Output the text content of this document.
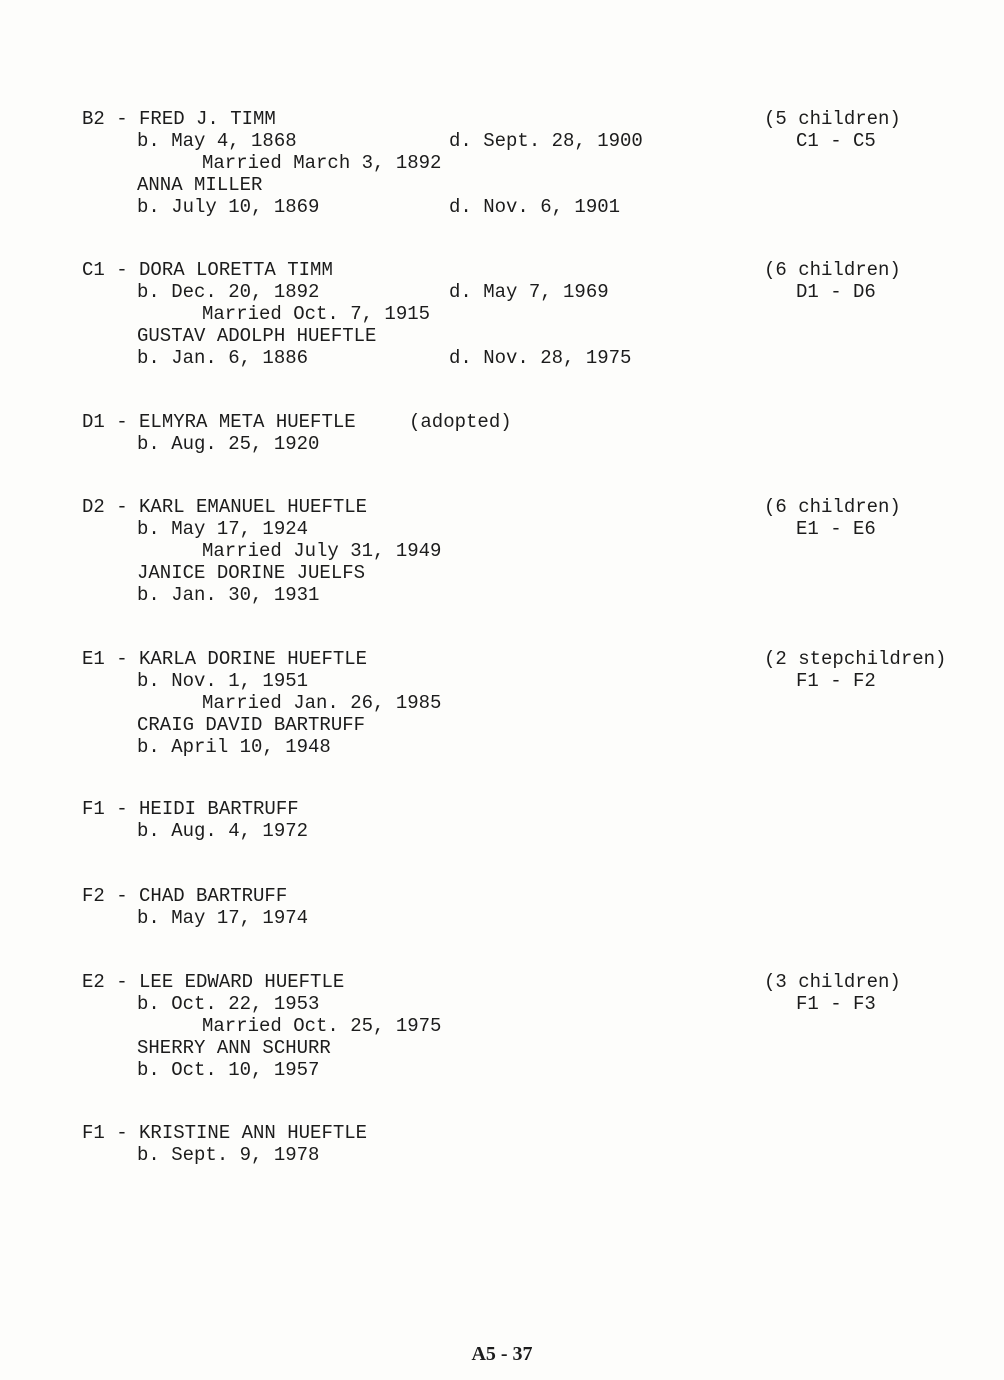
B2 - FRED J. TIMM
b. May 4, 1868	d. Sept. 28, 1900
Married March 3, 1892
ANNA MILLER
b. July 10, 1869	d. Nov. 6, 1901
(5 children)
C1 - C5
C1 - DORA LORETTA TIMM
b. Dec. 20, 1892	d. May 7, 1969
Married Oct. 7, 1915
GUSTAV ADOLPH HUEFTLE
b. Jan. 6, 1886	d. Nov. 28, 1975
(6 children)
D1 - D6
D1 - ELMYRA META HUEFTLE	(adopted)
b. Aug. 25, 1920
D2 - KARL EMANUEL HUEFTLE
b. May 17, 1924
Married July 31, 1949
JANICE DORINE JUELFS
b. Jan. 30, 1931
(6 children)
E1 - E6
E1 - KARLA DORINE HUEFTLE
b. Nov. 1, 1951
Married Jan. 26, 1985
CRAIG DAVID BARTRUFF
b. April 10, 1948
(2 stepchildren)
F1 - F2
F1 - HEIDI BARTRUFF
b. Aug. 4, 1972
F2 - CHAD BARTRUFF
b. May 17, 1974
E2 - LEE EDWARD HUEFTLE
b. Oct. 22, 1953
Married Oct. 25, 1975
SHERRY ANN SCHURR
b. Oct. 10, 1957
(3 children)
F1 - F3
F1 - KRISTINE ANN HUEFTLE
b. Sept. 9, 1978
A5 - 37
